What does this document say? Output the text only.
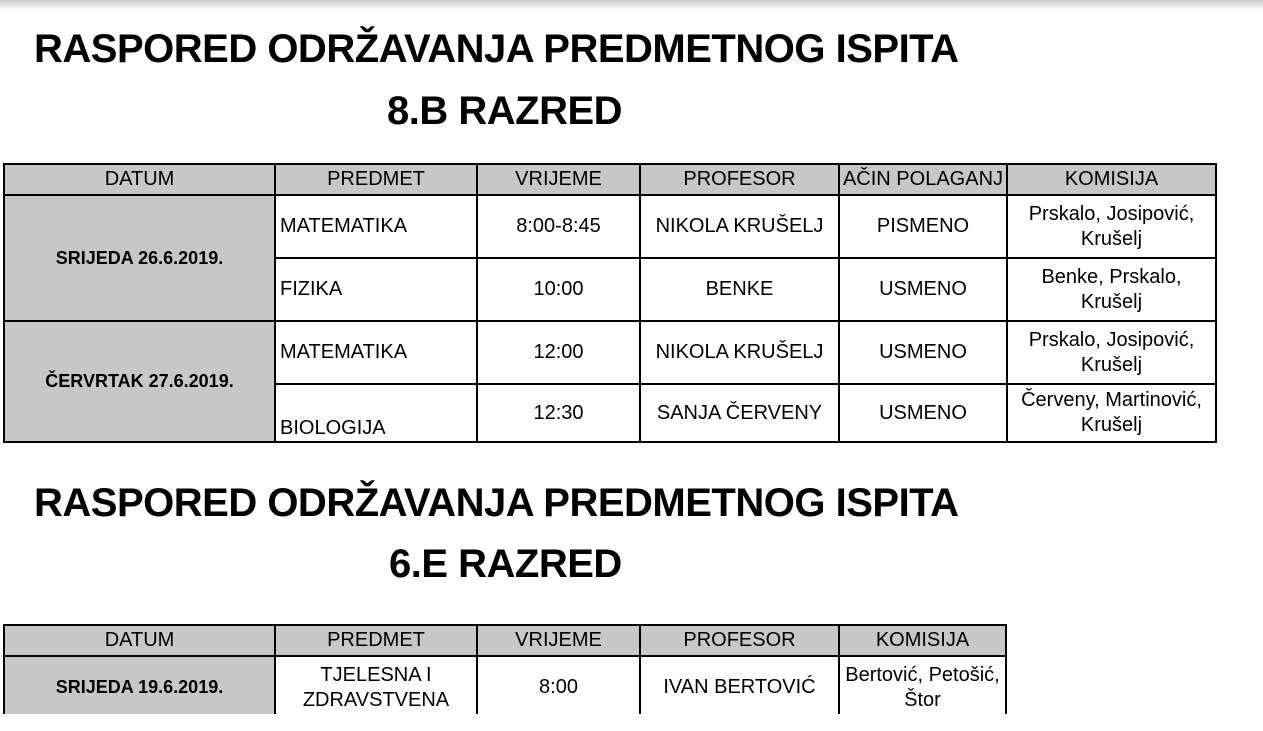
RASPORED ODRŽAVANJA PREDMETNOG ISPITA
8.B RAZRED
DATUM	PREDMET	VRIJEME	PROFESOR	AČIN POLAGANJ	KOMISIJA
SRIJEDA 26.6.2019.	MATEMATIKA	8:00-8:45	NIKOLA KRUŠELJ	PISMENO	Prskalo, Josipović, Krušelj
	FIZIKA	10:00	BENKE	USMENO	Benke, Prskalo, Krušelj
ČERVRTAK 27.6.2019.	MATEMATIKA	12:00	NIKOLA KRUŠELJ	USMENO	Prskalo, Josipović, Krušelj
	BIOLOGIJA	12:30	SANJA ČERVENY	USMENO	Červeny, Martinović, Krušelj
RASPORED ODRŽAVANJA PREDMETNOG ISPITA
6.E RAZRED
DATUM	PREDMET	VRIJEME	PROFESOR	KOMISIJA
SRIJEDA 19.6.2019.	TJELESNA I ZDRAVSTVENA	8:00	IVAN BERTOVIĆ	Bertović, Petošić, Štor
